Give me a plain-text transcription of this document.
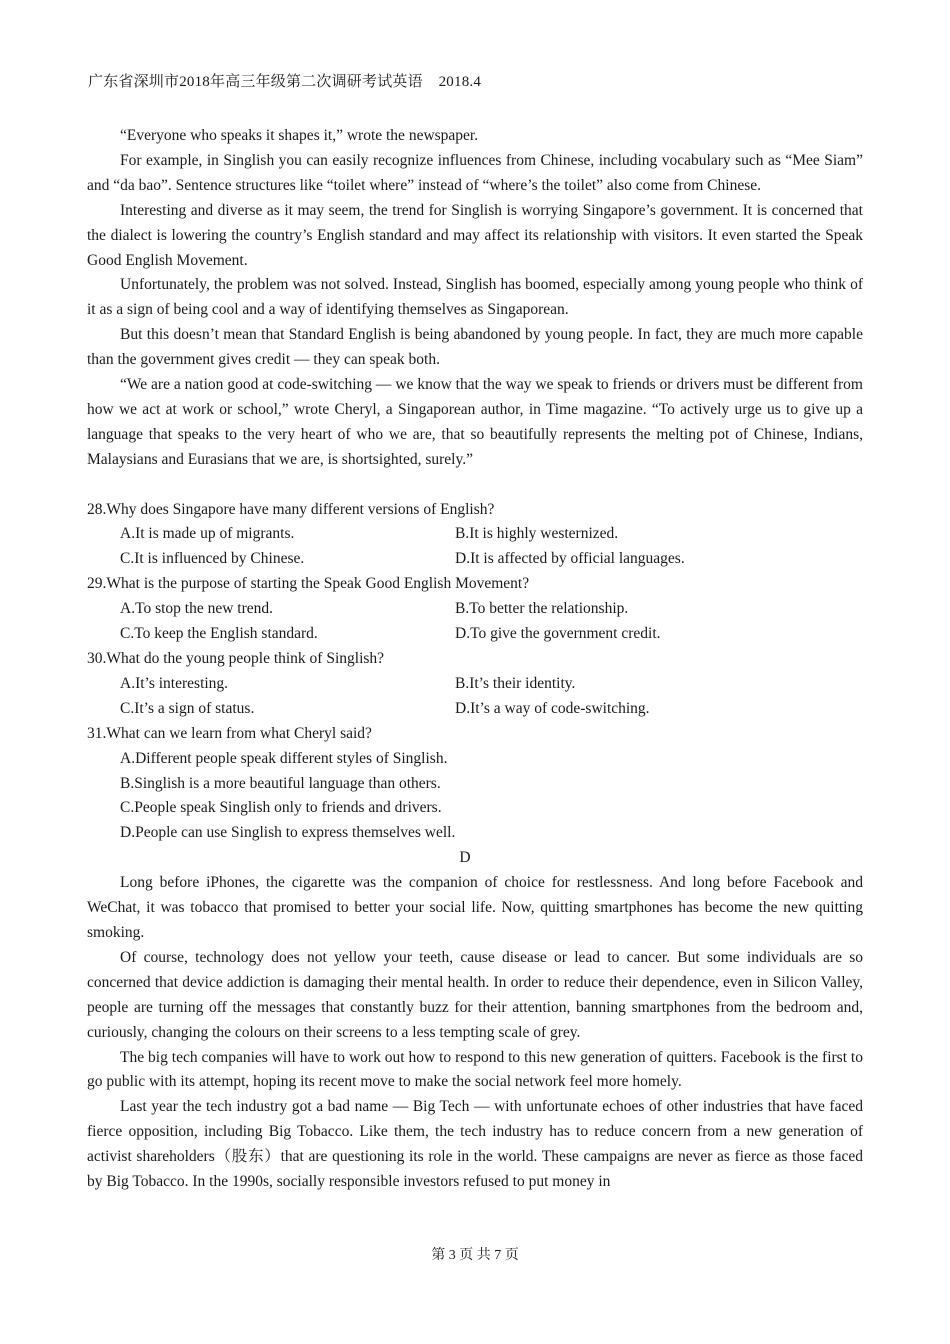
广东省深圳市2018年高三年级第二次调研考试英语    2018.4

“Everyone who speaks it shapes it,” wrote the newspaper.

For example, in Singlish you can easily recognize influences from Chinese, including vocabulary such as “Mee Siam” and “da bao”. Sentence structures like “toilet where” instead of “where’s the toilet” also come from Chinese.

Interesting and diverse as it may seem, the trend for Singlish is worrying Singapore’s government. It is concerned that the dialect is lowering the country’s English standard and may affect its relationship with visitors. It even started the Speak Good English Movement.

Unfortunately, the problem was not solved. Instead, Singlish has boomed, especially among young people who think of it as a sign of being cool and a way of identifying themselves as Singaporean.

But this doesn’t mean that Standard English is being abandoned by young people. In fact, they are much more capable than the government gives credit — they can speak both.

“We are a nation good at code-switching — we know that the way we speak to friends or drivers must be different from how we act at work or school,” wrote Cheryl, a Singaporean author, in Time magazine. “To actively urge us to give up a language that speaks to the very heart of who we are, that so beautifully represents the melting pot of Chinese, Indians, Malaysians and Eurasians that we are, is shortsighted, surely.”

28.Why does Singapore have many different versions of English?

A.It is made up of migrants.	B.It is highly westernized.
C.It is influenced by Chinese.	D.It is affected by official languages.

29.What is the purpose of starting the Speak Good English Movement?

A.To stop the new trend.	B.To better the relationship.
C.To keep the English standard.	D.To give the government credit.

30.What do the young people think of Singlish?

A.It’s interesting.	B.It’s their identity.
C.It’s a sign of status.	D.It’s a way of code-switching.

31.What can we learn from what Cheryl said?

A.Different people speak different styles of Singlish.

B.Singlish is a more beautiful language than others.

C.People speak Singlish only to friends and drivers.

D.People can use Singlish to express themselves well.

D

Long before iPhones, the cigarette was the companion of choice for restlessness. And long before Facebook and WeChat, it was tobacco that promised to better your social life. Now, quitting smartphones has become the new quitting smoking.

Of course, technology does not yellow your teeth, cause disease or lead to cancer. But some individuals are so concerned that device addiction is damaging their mental health. In order to reduce their dependence, even in Silicon Valley, people are turning off the messages that constantly buzz for their attention, banning smartphones from the bedroom and, curiously, changing the colours on their screens to a less tempting scale of grey.

The big tech companies will have to work out how to respond to this new generation of quitters. Facebook is the first to go public with its attempt, hoping its recent move to make the social network feel more homely.

Last year the tech industry got a bad name — Big Tech — with unfortunate echoes of other industries that have faced fierce opposition, including Big Tobacco. Like them, the tech industry has to reduce concern from a new generation of activist shareholders（股东）that are questioning its role in the world. These campaigns are never as fierce as those faced by Big Tobacco. In the 1990s, socially responsible investors refused to put money in

第 3 页 共 7 页
